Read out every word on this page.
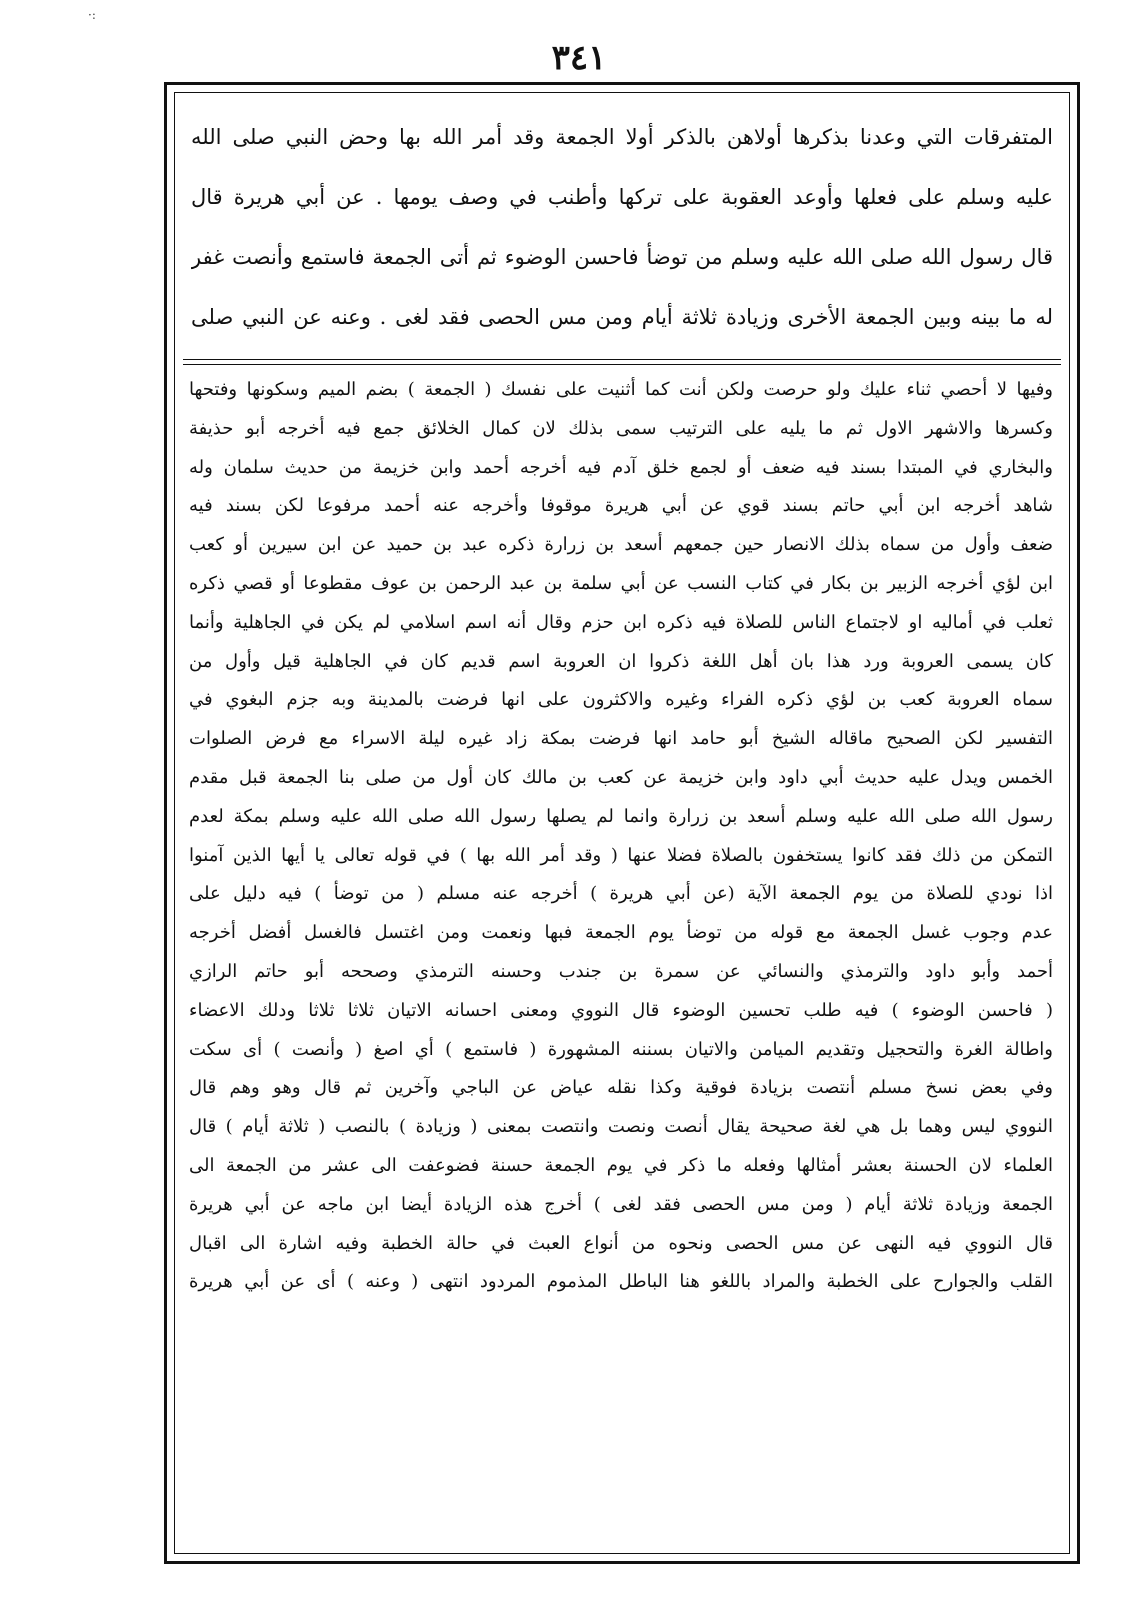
·:
٣٤١

المتفرقات التي وعدنا بذكرها أولاهن بالذكر أولا الجمعة وقد أمر الله بها وحض النبي صلى الله

عليه وسلم على فعلها وأوعد العقوبة على تركها وأطنب في وصف يومها . عن أبي هريرة قال

قال رسول الله صلى الله عليه وسلم من توضأ فاحسن الوضوء ثم أتى الجمعة فاستمع وأنصت غفر

له ما بينه وبين الجمعة الأخرى وزيادة ثلاثة أيام ومن مس الحصى فقد لغى . وعنه عن النبي صلى

وفيها لا أحصي ثناء عليك ولو حرصت ولكن أنت كما أثنيت على نفسك ( الجمعة ) بضم الميم وسكونها وفتحها

وكسرها والاشهر الاول ثم ما يليه على الترتيب سمى بذلك لان كمال الخلائق جمع فيه أخرجه أبو حذيفة

والبخاري في المبتدا بسند فيه ضعف أو لجمع خلق آدم فيه أخرجه أحمد وابن خزيمة من حديث سلمان وله

شاهد أخرجه ابن أبي حاتم بسند قوي عن أبي هريرة موقوفا وأخرجه عنه أحمد مرفوعا لكن بسند فيه

ضعف وأول من سماه بذلك الانصار حين جمعهم أسعد بن زرارة ذكره عبد بن حميد عن ابن سيرين أو كعب

ابن لؤي أخرجه الزبير بن بكار في كتاب النسب عن أبي سلمة بن عبد الرحمن بن عوف مقطوعا أو قصي ذكره

ثعلب في أماليه او لاجتماع الناس للصلاة فيه ذكره ابن حزم وقال أنه اسم اسلامي لم يكن في الجاهلية وأنما

كان يسمى العروبة ورد هذا بان أهل اللغة ذكروا ان العروبة اسم قديم كان في الجاهلية قيل وأول من

سماه العروبة كعب بن لؤي ذكره الفراء وغيره والاكثرون على انها فرضت بالمدينة وبه جزم البغوي في

التفسير لكن الصحيح ماقاله الشيخ أبو حامد انها فرضت بمكة زاد غيره ليلة الاسراء مع فرض الصلوات

الخمس ويدل عليه حديث أبي داود وابن خزيمة عن كعب بن مالك كان أول من صلى بنا الجمعة قبل مقدم

رسول الله صلى الله عليه وسلم أسعد بن زرارة وانما لم يصلها رسول الله صلى الله عليه وسلم بمكة لعدم

التمكن من ذلك فقد كانوا يستخفون بالصلاة فضلا عنها ( وقد أمر الله بها ) في قوله تعالى يا أيها الذين آمنوا

اذا نودي للصلاة من يوم الجمعة الآية (عن أبي هريرة ) أخرجه عنه مسلم ( من توضأ ) فيه دليل على

عدم وجوب غسل الجمعة مع قوله من توضأ يوم الجمعة فبها ونعمت ومن اغتسل فالغسل أفضل أخرجه

أحمد وأبو داود والترمذي والنسائي عن سمرة بن جندب وحسنه الترمذي وصححه أبو حاتم الرازي

( فاحسن الوضوء ) فيه طلب تحسين الوضوء قال النووي ومعنى احسانه الاتيان ثلاثا ثلاثا ودلك الاعضاء

واطالة الغرة والتحجيل وتقديم الميامن والاتيان بسننه المشهورة ( فاستمع ) أي اصغ ( وأنصت ) أى سكت

وفي بعض نسخ مسلم أنتصت بزيادة فوقية وكذا نقله عياض عن الباجي وآخرين ثم قال وهو وهم قال

النووي ليس وهما بل هي لغة صحيحة يقال أنصت ونصت وانتصت بمعنى ( وزيادة ) بالنصب ( ثلاثة أيام ) قال

العلماء لان الحسنة بعشر أمثالها وفعله ما ذكر في يوم الجمعة حسنة فضوعفت الى عشر من الجمعة الى

الجمعة وزيادة ثلاثة أيام ( ومن مس الحصى فقد لغى ) أخرج هذه الزيادة أيضا ابن ماجه عن أبي هريرة

قال النووي فيه النهى عن مس الحصى ونحوه من أنواع العبث في حالة الخطبة وفيه اشارة الى اقبال

القلب والجوارح على الخطبة والمراد باللغو هنا الباطل المذموم المردود انتهى ( وعنه ) أى عن أبي هريرة
